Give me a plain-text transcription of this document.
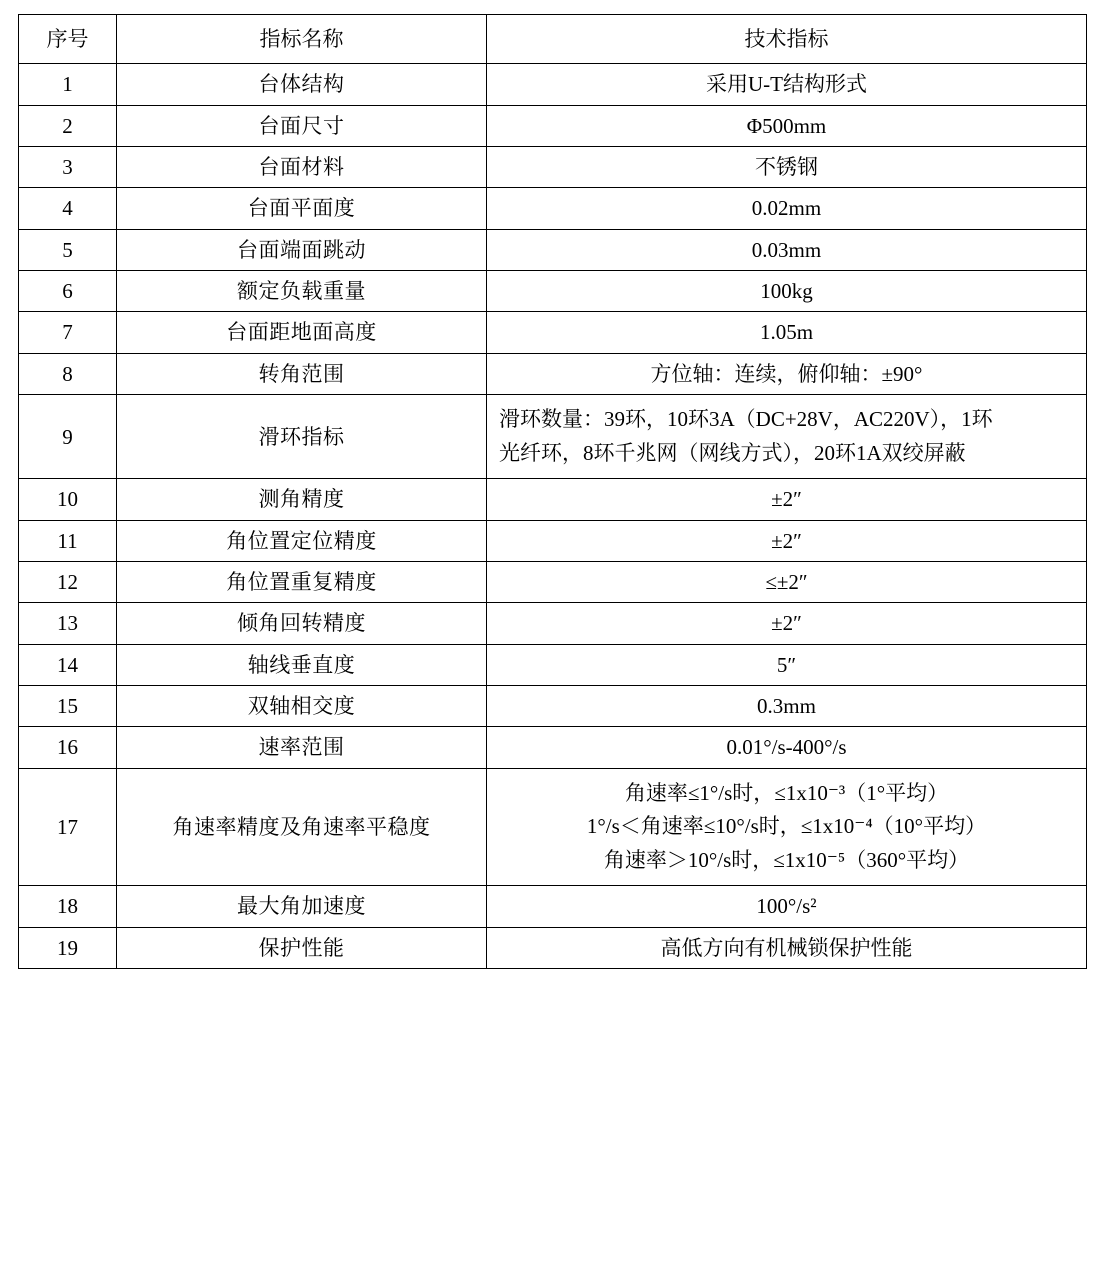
序号	指标名称	技术指标
1	台体结构	采用U-T结构形式
2	台面尺寸	Φ500mm
3	台面材料	不锈钢
4	台面平面度	0.02mm
5	台面端面跳动	0.03mm
6	额定负载重量	100kg
7	台面距地面高度	1.05m
8	转角范围	方位轴：连续，俯仰轴：±90°
9	滑环指标	滑环数量：39环，10环3A（DC+28V，AC220V），1环
光纤环，8环千兆网（网线方式），20环1A双绞屏蔽

10	测角精度	±2″
11	角位置定位精度	±2″
12	角位置重复精度	≤±2″
13	倾角回转精度	±2″
14	轴线垂直度	5″
15	双轴相交度	0.3mm
16	速率范围	0.01°/s-400°/s
17	角速率精度及角速率平稳度	角速率≤1°/s时，≤1x10⁻³（1°平均）
1°/s＜角速率≤10°/s时，≤1x10⁻⁴（10°平均）
角速率＞10°/s时，≤1x10⁻⁵（360°平均）

18	最大角加速度	100°/s²
19	保护性能	高低方向有机械锁保护性能
